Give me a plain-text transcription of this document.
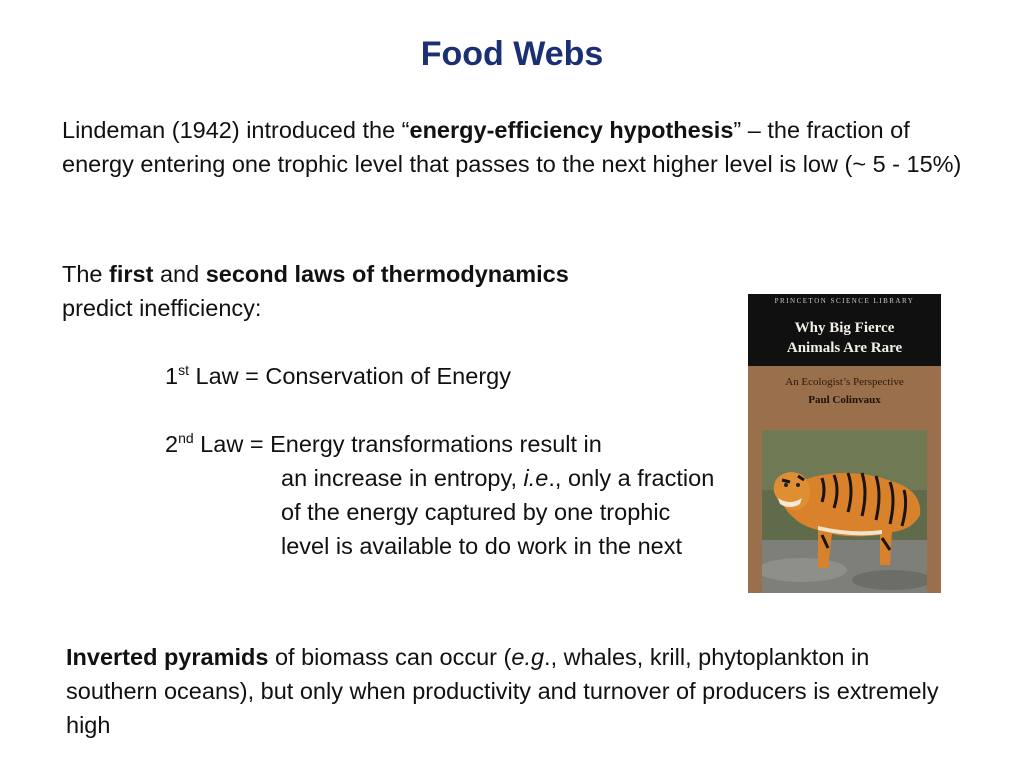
Food Webs
Lindeman (1942) introduced the “energy-efficiency hypothesis” – the fraction of energy entering one trophic level that passes to the next higher level is low (~ 5 - 15%)
The first and second laws of thermodynamics
predict inefficiency:
1st Law = Conservation of Energy
2nd Law = Energy transformations result in
an increase in entropy, i.e., only a fraction of the energy captured by one trophic level is available to do work in the next
Inverted pyramids of biomass can occur (e.g., whales, krill, phytoplankton in southern oceans), but only when productivity and turnover of producers is extremely high
PRINCETON SCIENCE LIBRARY
Why Big Fierce
Animals Are Rare
An Ecologist’s Perspective
Paul Colinvaux
